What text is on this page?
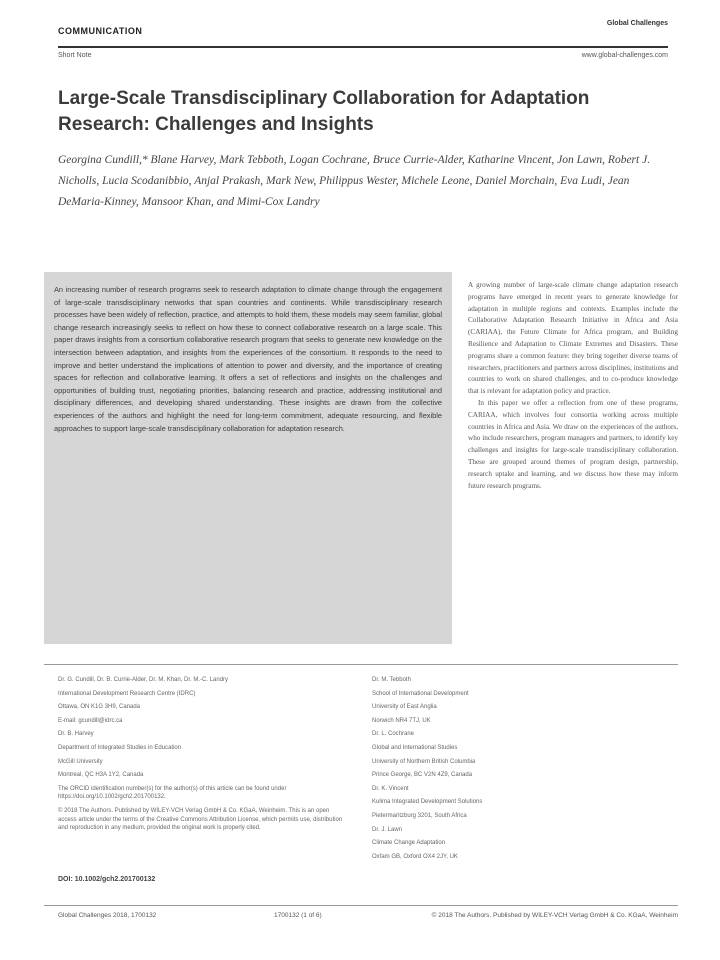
COMMUNICATION
Short Note
Global Challenges
www.global-challenges.com
Large-Scale Transdisciplinary Collaboration for Adaptation Research: Challenges and Insights
Georgina Cundill,* Blane Harvey, Mark Tebboth, Logan Cochrane, Bruce Currie-Alder, Katharine Vincent, Jon Lawn, Robert J. Nicholls, Lucia Scodanibbio, Anjal Prakash, Mark New, Philippus Wester, Michele Leone, Daniel Morchain, Eva Ludi, Jean DeMaria-Kinney, Mansoor Khan, and Mimi-Cox Landry
An increasing number of research programs seek to research adaptation to climate change through the engagement of large-scale transdisciplinary networks that span countries and continents. While transdisciplinary research processes have been widely of reflection, practice, and attempts to hold them, these models may seem familiar, global change research increasingly seeks to reflect on how these to connect collaborative research on a large scale. This paper draws insights from a consortium collaborative research program that seeks to generate new knowledge on the intersection between adaptation, and insights from the experiences of the consortium. It responds to the need to improve and better understand the implications of attention to power and diversity, and the importance of creating spaces for reflection and collaborative learning. It offers a set of reflections and insights on the challenges and opportunities of building trust, negotiating priorities, balancing research and practice, addressing institutional and disciplinary differences, and developing shared understanding. These insights are drawn from the collective experiences of the authors and highlight the need for long-term commitment, adequate resourcing, and flexible approaches to support large-scale transdisciplinary collaboration for adaptation research.

A growing number of large-scale climate change adaptation research programs have emerged in recent years to generate knowledge for adaptation in multiple regions and contexts. Examples include the Collaborative Adaptation Research Initiative in Africa and Asia (CARIAA), the Future Climate for Africa program, and Building Resilience and Adaptation to Climate Extremes and Disasters. These programs share a common feature: they bring together diverse teams of researchers, practitioners and partners across disciplines, institutions and countries to work on shared challenges, and to co-produce knowledge that is relevant for adaptation policy and practice.

In this paper we offer a reflection from one of these programs, CARIAA, which involves four consortia working across multiple countries in Africa and Asia. We draw on the experiences of the authors, who include researchers, program managers and partners, to identify key challenges and insights for large-scale transdisciplinary collaboration. These are grouped around themes of program design, partnership, research uptake and learning, and we discuss how these may inform future research programs.

Dr. G. Cundill, Dr. B. Currie-Alder, Dr. M. Khan, Dr. M.-C. Landry

International Development Research Centre (IDRC)

Ottawa, ON K1G 3H9, Canada

E-mail: gcundill@idrc.ca

Dr. B. Harvey

Department of Integrated Studies in Education

McGill University

Montreal, QC H3A 1Y2, Canada

The ORCID identification number(s) for the author(s) of this article can be found under https://doi.org/10.1002/gch2.201700132.

© 2018 The Authors. Published by WILEY-VCH Verlag GmbH & Co. KGaA, Weinheim. This is an open access article under the terms of the Creative Commons Attribution License, which permits use, distribution and reproduction in any medium, provided the original work is properly cited.

Dr. M. Tebboth

School of International Development

University of East Anglia

Norwich NR4 7TJ, UK

Dr. L. Cochrane

Global and International Studies

University of Northern British Columbia

Prince George, BC V2N 4Z9, Canada

Dr. K. Vincent

Kulima Integrated Development Solutions

Pietermaritzburg 3201, South Africa

Dr. J. Lawn

Climate Change Adaptation

Oxfam GB, Oxford OX4 2JY, UK

DOI: 10.1002/gch2.201700132
Global Challenges 2018, 1700132	1700132 (1 of 6)	© 2018 The Authors. Published by WILEY-VCH Verlag GmbH & Co. KGaA, Weinheim
